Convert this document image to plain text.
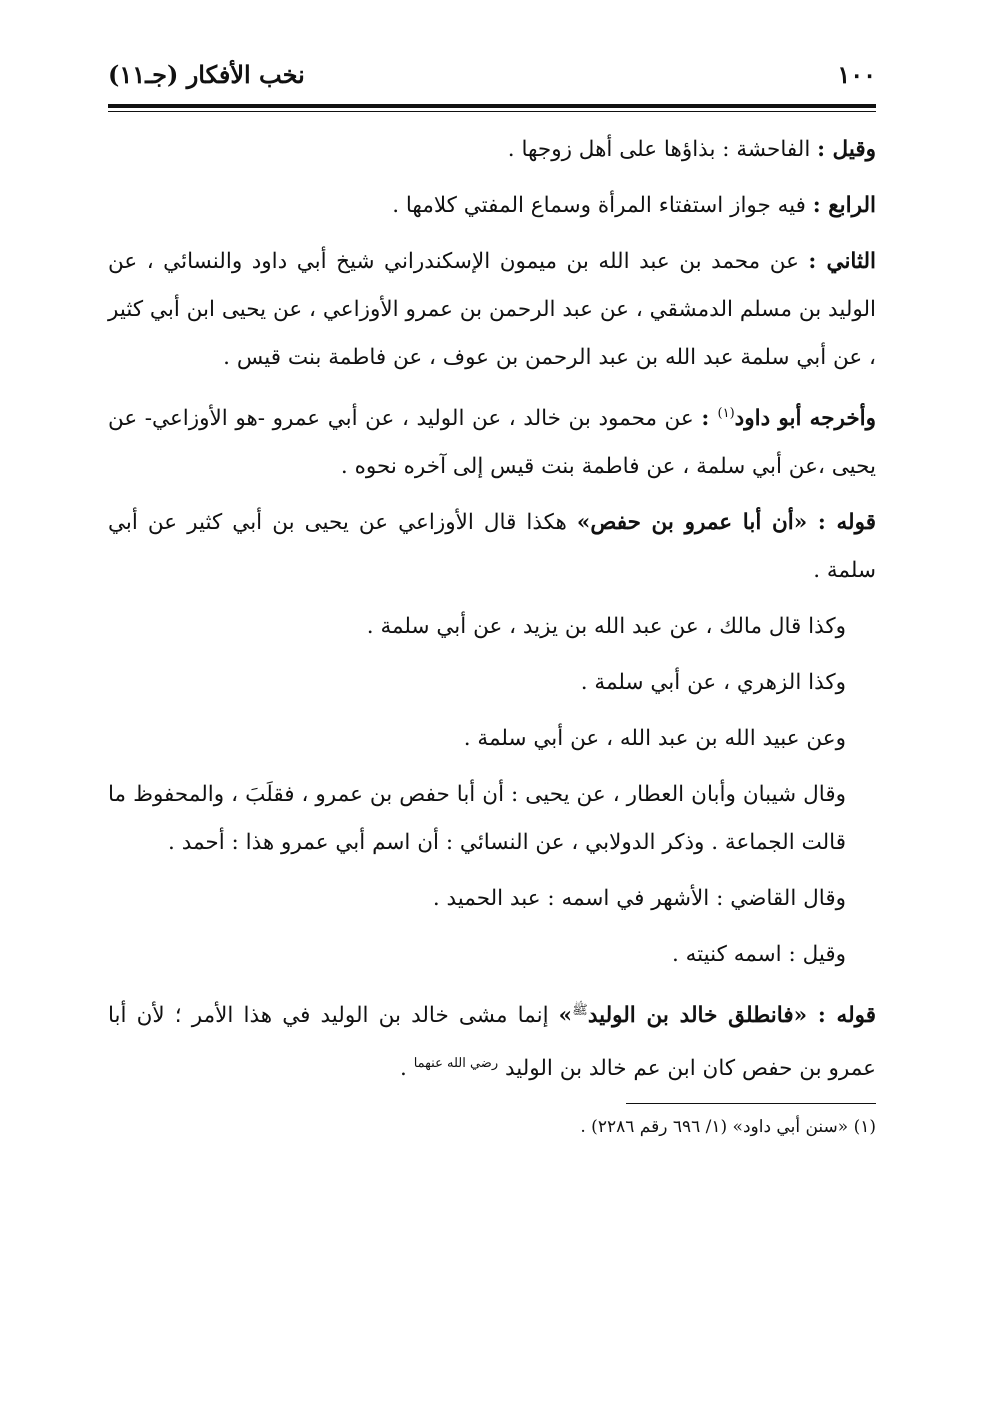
١٠٠
نخب الأفكار (جـ١١)

وقيل : الفاحشة : بذاؤها على أهل زوجها .

الرابع : فيه جواز استفتاء المرأة وسماع المفتي كلامها .

الثاني : عن محمد بن عبد الله بن ميمون الإسكندراني شيخ أبي داود والنسائي ، عن الوليد بن مسلم الدمشقي ، عن عبد الرحمن بن عمرو الأوزاعي ، عن يحيى ابن أبي كثير ، عن أبي سلمة عبد الله بن عبد الرحمن بن عوف ، عن فاطمة بنت قيس .

وأخرجه أبو داود$^{(١)}$ : عن محمود بن خالد ، عن الوليد ، عن أبي عمرو -هو الأوزاعي- عن يحيى ،عن أبي سلمة ، عن فاطمة بنت قيس إلى آخره نحوه .

قوله : «أن أبا عمرو بن حفص» هكذا قال الأوزاعي عن يحيى بن أبي كثير عن أبي سلمة .

وكذا قال مالك ، عن عبد الله بن يزيد ، عن أبي سلمة .

وكذا الزهري ، عن أبي سلمة .

وعن عبيد الله بن عبد الله ، عن أبي سلمة .

وقال شيبان وأبان العطار ، عن يحيى : أن أبا حفص بن عمرو ، فقلَبَ ، والمحفوظ ما قالت الجماعة . وذكر الدولابي ، عن النسائي : أن اسم أبي عمرو هذا : أحمد .

وقال القاضي : الأشهر في اسمه : عبد الحميد .

وقيل : اسمه كنيته .

قوله : «فانطلق خالد بن الوليد$^ﷺ$» إنما مشى خالد بن الوليد في هذا الأمر ؛ لأن أبا عمرو بن حفص كان ابن عم خالد بن الوليد $^{رضي الله عنهما}$ .

(١) «سنن أبي داود» (١/ ٦٩٦ رقم ٢٢٨٦) .
